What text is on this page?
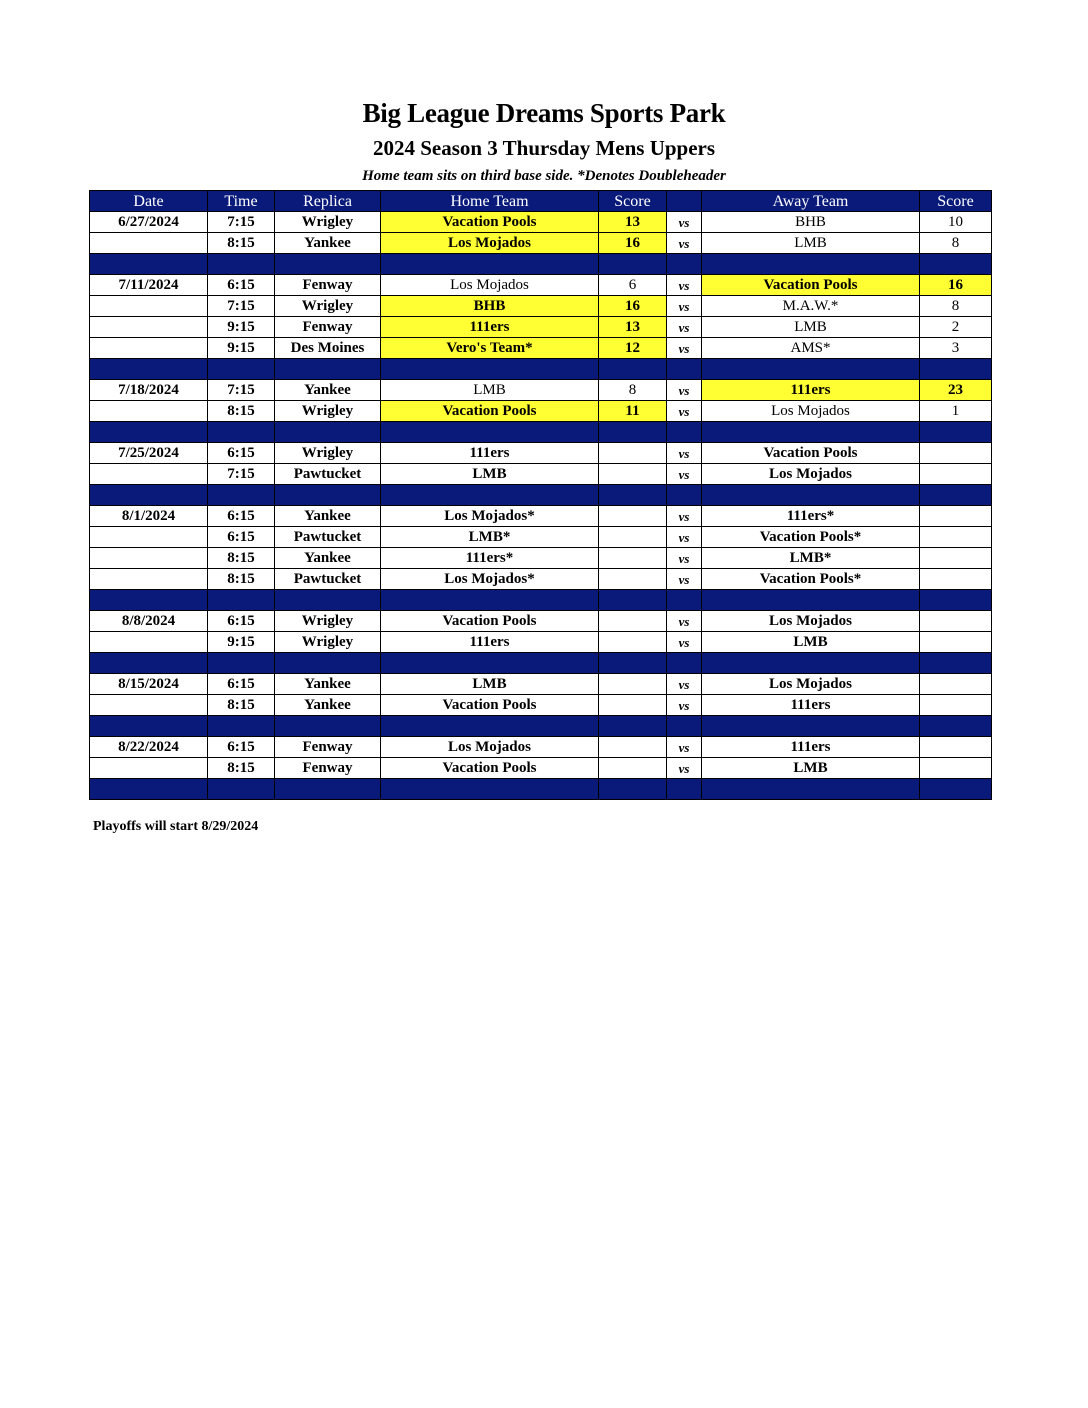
Big League Dreams Sports Park
2024 Season 3 Thursday Mens Uppers
Home team sits on third base side. *Denotes Doubleheader
Date	Time	Replica	Home Team	Score		Away Team	Score
6/27/2024	7:15	Wrigley	Vacation Pools	13	vs	BHB	10
	8:15	Yankee	Los Mojados	16	vs	LMB	8

7/11/2024	6:15	Fenway	Los Mojados	6	vs	Vacation Pools	16
	7:15	Wrigley	BHB	16	vs	M.A.W.*	8
	9:15	Fenway	111ers	13	vs	LMB	2
	9:15	Des Moines	Vero's Team*	12	vs	AMS*	3

7/18/2024	7:15	Yankee	LMB	8	vs	111ers	23
	8:15	Wrigley	Vacation Pools	11	vs	Los Mojados	1

7/25/2024	6:15	Wrigley	111ers		vs	Vacation Pools	
	7:15	Pawtucket	LMB		vs	Los Mojados	

8/1/2024	6:15	Yankee	Los Mojados*		vs	111ers*	
	6:15	Pawtucket	LMB*		vs	Vacation Pools*	
	8:15	Yankee	111ers*		vs	LMB*	
	8:15	Pawtucket	Los Mojados*		vs	Vacation Pools*	

8/8/2024	6:15	Wrigley	Vacation Pools		vs	Los Mojados	
	9:15	Wrigley	111ers		vs	LMB	

8/15/2024	6:15	Yankee	LMB		vs	Los Mojados	
	8:15	Yankee	Vacation Pools		vs	111ers	

8/22/2024	6:15	Fenway	Los Mojados		vs	111ers	
	8:15	Fenway	Vacation Pools		vs	LMB	

Playoffs will start 8/29/2024
